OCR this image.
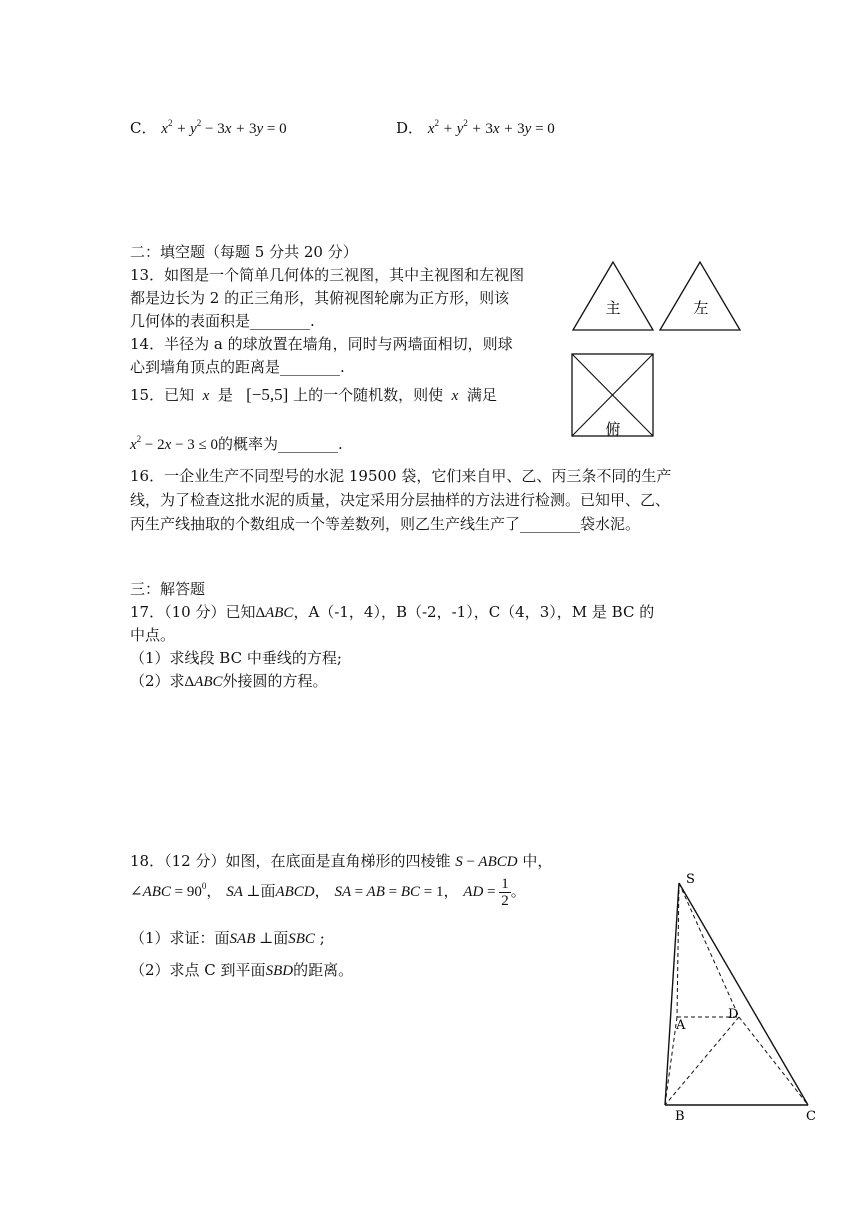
C． $x^2 + y^2 - 3x + 3y = 0$	D． $x^2 + y^2 + 3x + 3y = 0$
二：填空题（每题 5 分共 20 分）
13．如图是一个简单几何体的三视图，其中主视图和左视图
都是边长为 2 的正三角形，其俯视图轮廓为正方形，则该
几何体的表面积是________.
14．半径为 a 的球放置在墙角，同时与两墙面相切，则球
心到墙角顶点的距离是________.
15．已知  x  是   [−5,5] 上的一个随机数，则使  x  满足
$x^2 - 2x - 3 \le 0$的概率为________.
16．一企业生产不同型号的水泥 19500 袋，它们来自甲、乙、丙三条不同的生产
线，为了检查这批水泥的质量，决定采用分层抽样的方法进行检测。已知甲、乙、
丙生产线抽取的个数组成一个等差数列，则乙生产线生产了________袋水泥。
主	左
俯
三：解答题
17．（10 分）已知ΔABC，A（-1，4），B（-2，-1），C（4，3），M 是 BC 的
中点。
（1）求线段 BC 中垂线的方程;
（2）求ΔABC外接圆的方程。
18．（12 分）如图，在底面是直角梯形的四棱锥 S − ABCD 中，
∠ABC = $90^0$， SA ⊥面ABCD， SA = AB = BC = 1， AD = $\frac{1}{2}$ 。
（1）求证：面SAB ⊥面SBC ;
（2）求点 C 到平面SBD的距离。
S
A
D
B	C
